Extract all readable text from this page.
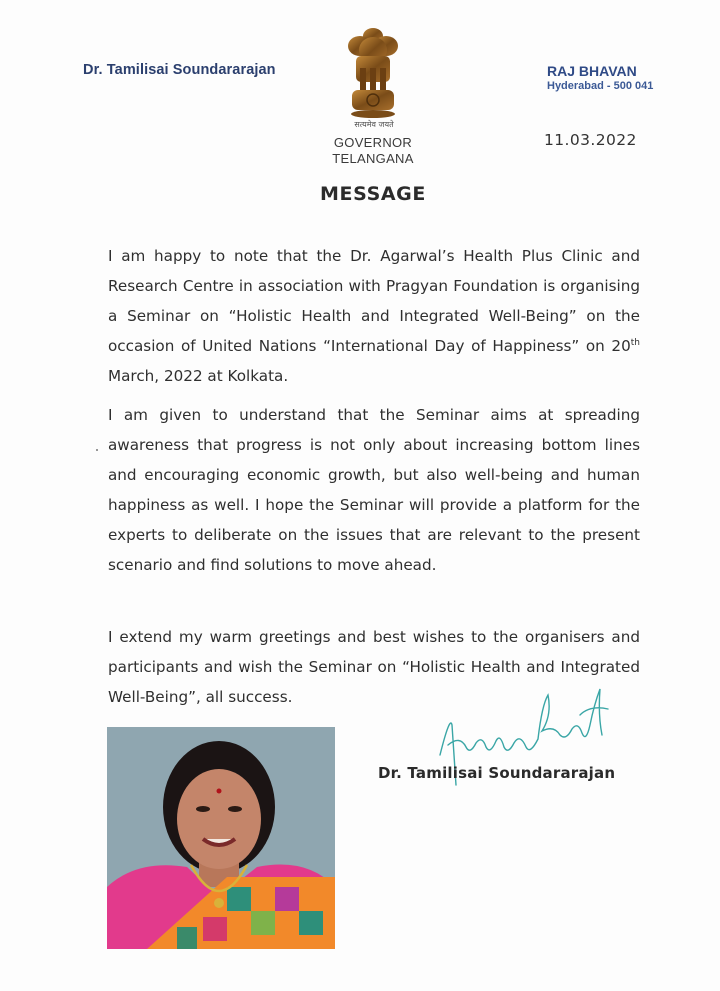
Dr. Tamilisai Soundararajan
सत्यमेव जयते
GOVERNOR
TELANGANA
RAJ BHAVAN
Hyderabad - 500 041
11.03.2022
MESSAGE

I am happy to note that the Dr. Agarwal’s Health Plus Clinic and Research Centre in association with Pragyan Foundation is organising a Seminar on “Holistic Health and Integrated Well-Being” on the occasion of United Nations “International Day of Happiness” on 20th March, 2022 at Kolkata.

I am given to understand that the Seminar aims at spreading awareness that progress is not only about increasing bottom lines and encouraging economic growth, but also well-being and human happiness as well. I hope the Seminar will provide a platform for the experts to deliberate on the issues that are relevant to the present scenario and find solutions to move ahead.

I extend my warm greetings and best wishes to the organisers and participants and wish the Seminar on “Holistic Health and Integrated Well-Being”, all success.

Dr. Tamilisai Soundararajan
